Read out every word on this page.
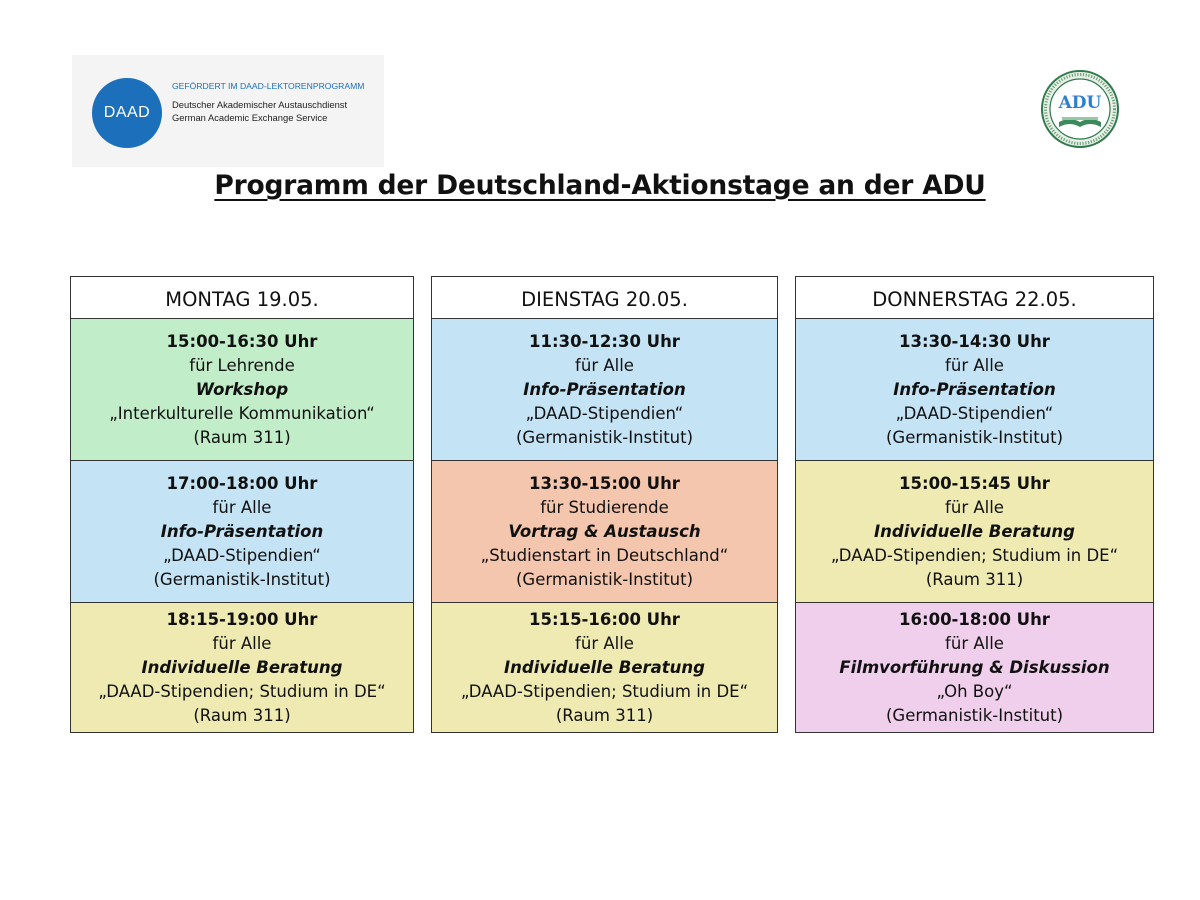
DAAD
GEFÖRDERT IM DAAD-LEKTORENPROGRAMM
Deutscher Akademischer Austauschdienst
German Academic Exchange Service
ADU
Programm der Deutschland-Aktionstage an der ADU
MONTAG 19.05.
15:00-16:30 Uhr
für Lehrende
Workshop
„Interkulturelle Kommunikation“
(Raum 311)
17:00-18:00 Uhr
für Alle
Info-Präsentation
„DAAD-Stipendien“
(Germanistik-Institut)
18:15-19:00 Uhr
für Alle
Individuelle Beratung
„DAAD-Stipendien; Studium in DE“
(Raum 311)
DIENSTAG 20.05.
11:30-12:30 Uhr
für Alle
Info-Präsentation
„DAAD-Stipendien“
(Germanistik-Institut)
13:30-15:00 Uhr
für Studierende
Vortrag & Austausch
„Studienstart in Deutschland“
(Germanistik-Institut)
15:15-16:00 Uhr
für Alle
Individuelle Beratung
„DAAD-Stipendien; Studium in DE“
(Raum 311)
DONNERSTAG 22.05.
13:30-14:30 Uhr
für Alle
Info-Präsentation
„DAAD-Stipendien“
(Germanistik-Institut)
15:00-15:45 Uhr
für Alle
Individuelle Beratung
„DAAD-Stipendien; Studium in DE“
(Raum 311)
16:00-18:00 Uhr
für Alle
Filmvorführung & Diskussion
„Oh Boy“
(Germanistik-Institut)
